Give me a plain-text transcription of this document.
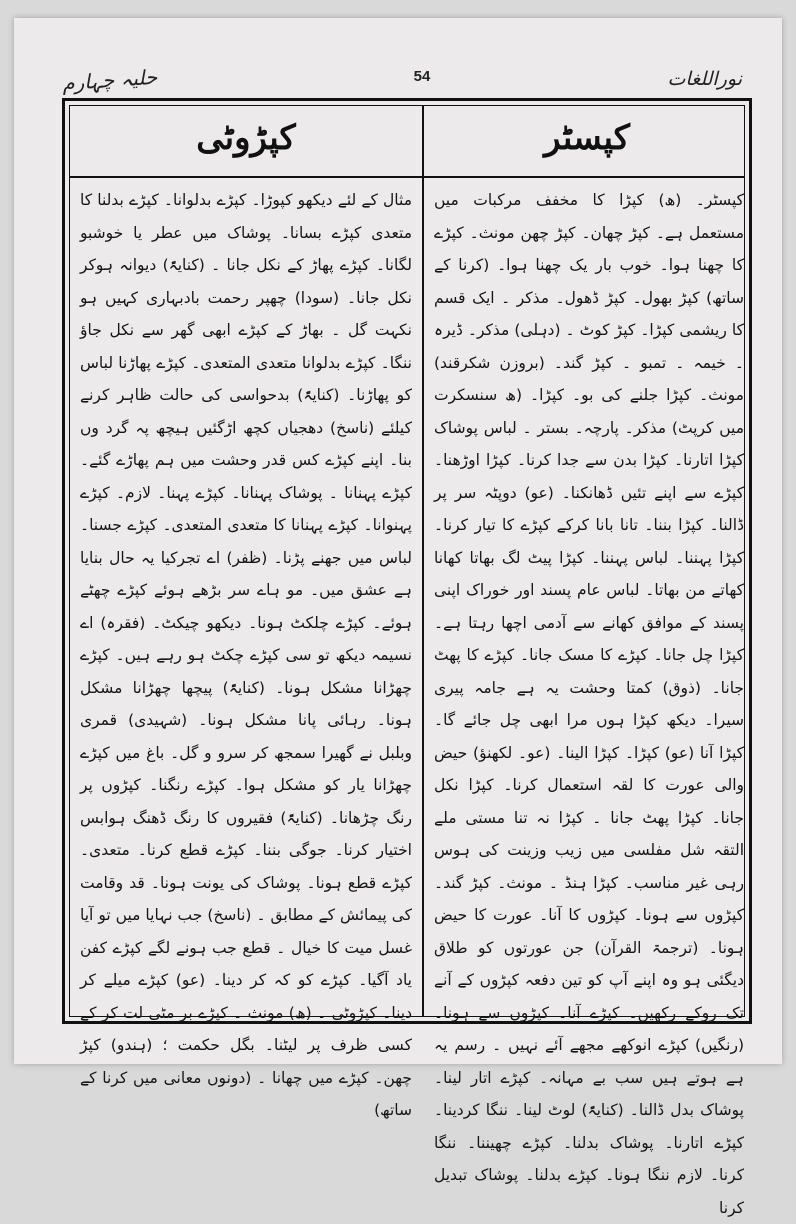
حلیہ چہارم	54	نوراللغات
کپڑوٹی	کپسٹر

مثال کے لئے دیکھو کپوڑا۔ کپڑے بدلوانا۔ کپڑے بدلنا کا متعدی کپڑے بسانا۔ پوشاک میں عطر یا خوشبو لگانا۔ کپڑے پھاڑ کے نکل جانا ۔ (کنایۃً) دیوانہ ہوکر نکل جانا۔ (سودا) چھپر رحمت بادبہاری کہیں ہو نکہت گل ۔ بھاڑ کے کپڑے ابھی گھر سے نکل جاؤ ننگا۔ کپڑے بدلوانا متعدی المتعدی۔ کپڑے پھاڑنا لباس کو پھاڑنا۔ (کنایۃً) بدحواسی کی حالت ظاہر کرنے کیلئے (ناسخ) دھجیاں کچھ اڑگئیں ہیچھ پہ گرد وں بنا۔ اپنے کپڑے کس قدر وحشت میں ہم پھاڑے گئے۔ کپڑے پہنانا ۔ پوشاک پہنانا۔ کپڑے پہنا۔ لازم۔ کپڑے پہنوانا۔ کپڑے پہنانا کا متعدی المتعدی۔ کپڑے جسنا۔ لباس میں جھنے پڑنا۔ (ظفر) اے تجرکیا یہ حال بنایا ہے عشق میں۔ مو ہاے سر بڑھے ہوئے کپڑے چھٹے ہوئے۔ کپڑے چلکٹ ہونا۔ دیکھو چیکٹ۔ (فقرہ) اے نسیمہ دیکھ تو سی کپڑے چکٹ ہو رہے ہیں۔ کپڑے چھڑانا مشکل ہونا۔ (کنایۃً) پیچھا چھڑانا مشکل ہونا۔ رہائی پانا مشکل ہونا۔ (شہیدی) قمری وبلبل نے گھیرا سمجھ کر سرو و گل۔ باغ میں کپڑے چھڑانا یار کو مشکل ہوا۔ کپڑے رنگنا۔ کپڑوں پر رنگ چڑھانا۔ (کنایۃً) فقیروں کا رنگ ڈھنگ ہوابس اختیار کرنا۔ جوگی بننا۔ کپڑے قطع کرنا۔ متعدی۔ کپڑے قطع ہونا۔ پوشاک کی یونت ہونا۔ قد وقامت کی پیمائش کے مطابق ۔ (ناسخ) جب نہایا میں تو آیا غسل میت کا خیال ۔ قطع جب ہونے لگے کپڑے کفن یاد آگیا۔ کپڑے کو کہ کر دینا۔ (عو) کپڑے میلے کر دینا۔ کپڑوٹی ۔ (ھ) مونث ۔ کپڑے بر مٹی لت کر کے کسی ظرف پر لیٹنا۔ بگل حکمت ؛ (ہندو) کپڑ چھن۔ کپڑے میں چھانا ۔ (دونوں معانی میں کرنا کے ساتھ)

کپسٹر۔ (ھ) کپڑا کا مخفف مرکبات میں مستعمل ہے۔ کپڑ چھان۔ کپڑ چھن مونث۔ کپڑے کا چھنا ہوا۔ خوب بار یک چھنا ہوا۔ (کرنا کے ساتھ) کپڑ بھول۔ کپڑ ڈھول۔ مذکر ۔ ایک قسم کا ریشمی کپڑا۔ کپڑ کوٹ ۔ (دہلی) مذکر۔ ڈیرہ ۔ خیمہ ۔ تمبو ۔ کپڑ گند۔ (بروزن شکرقند) مونث۔ کپڑا جلنے کی بو۔ کپڑا۔ (ھ سنسکرت میں کرپٹ) مذکر۔ پارچہ۔ بستر ۔ لباس پوشاک کپڑا اتارنا۔ کپڑا بدن سے جدا کرنا۔ کپڑا اوڑھنا۔ کپڑے سے اپنے تئیں ڈھانکنا۔ (عو) دوپٹہ سر پر ڈالنا۔ کپڑا بننا۔ تانا بانا کرکے کپڑے کا تیار کرنا۔ کپڑا پہننا۔ لباس پہننا۔ کپڑا پیٹ لگ بھاتا کھانا کھاتے من بھاتا۔ لباس عام پسند اور خوراک اپنی پسند کے موافق کھانے سے آدمی اچھا رہتا ہے۔ کپڑا چل جانا۔ کپڑے کا مسک جانا۔ کپڑے کا پھٹ جانا۔ (ذوق) کمتا وحشت یہ ہے جامہ پیری سیرا۔ دیکھ کپڑا ہوں مرا ابھی چل جائے گا۔ کپڑا آنا (عو) کپڑا۔ کپڑا الینا۔ (عو۔ لکھنؤ) حیض والی عورت کا لقہ استعمال کرنا۔ کپڑا نکل جانا۔ کپڑا پھٹ جانا ۔ کپڑا نہ تنا مستی ملے التقہ شل مفلسی میں زیب وزینت کی ہوس رہی غیر مناسب۔ کپڑا ہنڈ ۔ مونث۔ کپڑ گند۔ کپڑوں سے ہونا۔ کپڑوں کا آنا۔ عورت کا حیض ہونا۔ (ترجمۃ القرآن) جن عورتوں کو طلاق دیگئی ہو وہ اپنے آپ کو تین دفعہ کپڑوں کے آنے تک روکے رکھیں۔ کپڑے آنا۔ کپڑوں سے ہونا۔ (رنگیں) کپڑے انوکھے مجھے آئے نہیں ۔ رسم یہ ہے ہوتے ہیں سب بے مہانہ۔ کپڑے اتار لینا۔ پوشاک بدل ڈالنا۔ (کنایۃً) لوٹ لینا۔ ننگا کردینا۔ کپڑے اتارنا۔ پوشاک بدلنا۔ کپڑے چھیننا۔ ننگا کرنا۔ لازم ننگا ہونا۔ کپڑے بدلنا۔ پوشاک تبدیل کرنا
